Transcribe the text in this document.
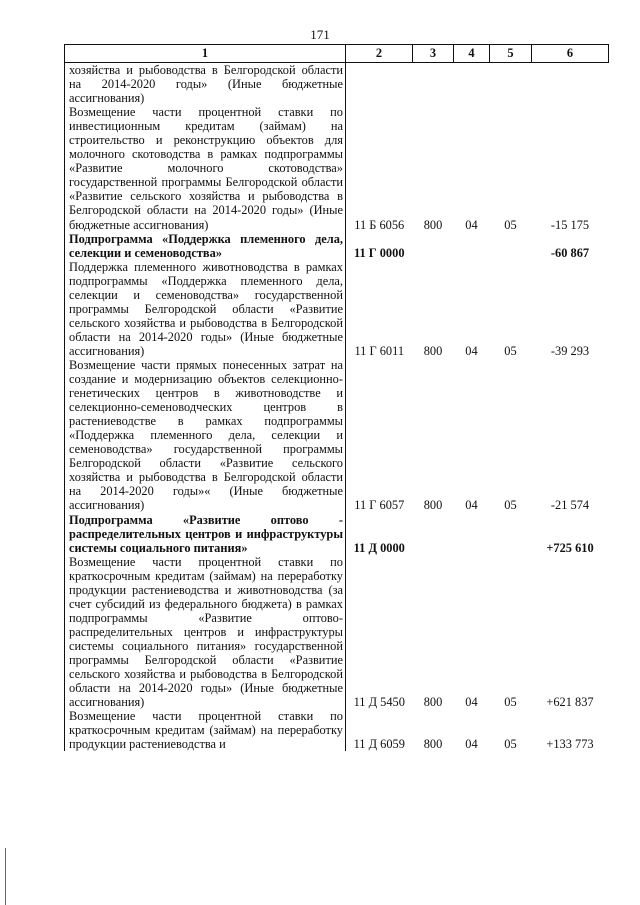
171
1	2	3	4	5	6
хозяйства и рыбоводства в Белгородской области на 2014-2020 годы» (Иные бюджетные ассигнования)					
Возмещение части процентной ставки по инвестиционным кредитам (займам) на строительство и реконструкцию объектов для молочного скотоводства в рамках подпрограммы «Развитие молочного скотоводства» государственной программы Белгородской области «Развитие сельского хозяйства и рыбоводства в Белгородской области на 2014-2020 годы» (Иные бюджетные ассигнования)	11 Б 6056	800	04	05	-15 175
Подпрограмма «Поддержка племенного дела, селекции и семеноводства»	11 Г 0000				-60 867
Поддержка племенного животноводства в рамках подпрограммы «Поддержка племенного дела, селекции и семеноводства» государственной программы Белгородской области «Развитие сельского хозяйства и рыбоводства в Белгородской области на 2014-2020 годы» (Иные бюджетные ассигнования)	11 Г 6011	800	04	05	-39 293
Возмещение части прямых понесенных затрат на создание и модернизацию объектов селекционно-генетических центров в животноводстве и селекционно-семеноводческих центров в растениеводстве в рамках подпрограммы «Поддержка племенного дела, селекции и семеноводства» государственной программы Белгородской области «Развитие сельского хозяйства и рыбоводства в Белгородской области на 2014-2020 годы»« (Иные бюджетные ассигнования)	11 Г 6057	800	04	05	-21 574
Подпрограмма «Развитие оптово - распределительных центров и инфраструктуры системы социального питания»	11 Д 0000				+725 610
Возмещение части процентной ставки по краткосрочным кредитам (займам) на переработку продукции растениеводства и животноводства (за счет субсидий из федерального бюджета) в рамках подпрограммы «Развитие оптово-распределительных центров и инфраструктуры системы социального питания» государственной программы Белгородской области «Развитие сельского хозяйства и рыбоводства в Белгородской области на 2014-2020 годы» (Иные бюджетные ассигнования)	11 Д 5450	800	04	05	+621 837
Возмещение части процентной ставки по краткосрочным кредитам (займам) на переработку продукции растениеводства и	11 Д 6059	800	04	05	+133 773
